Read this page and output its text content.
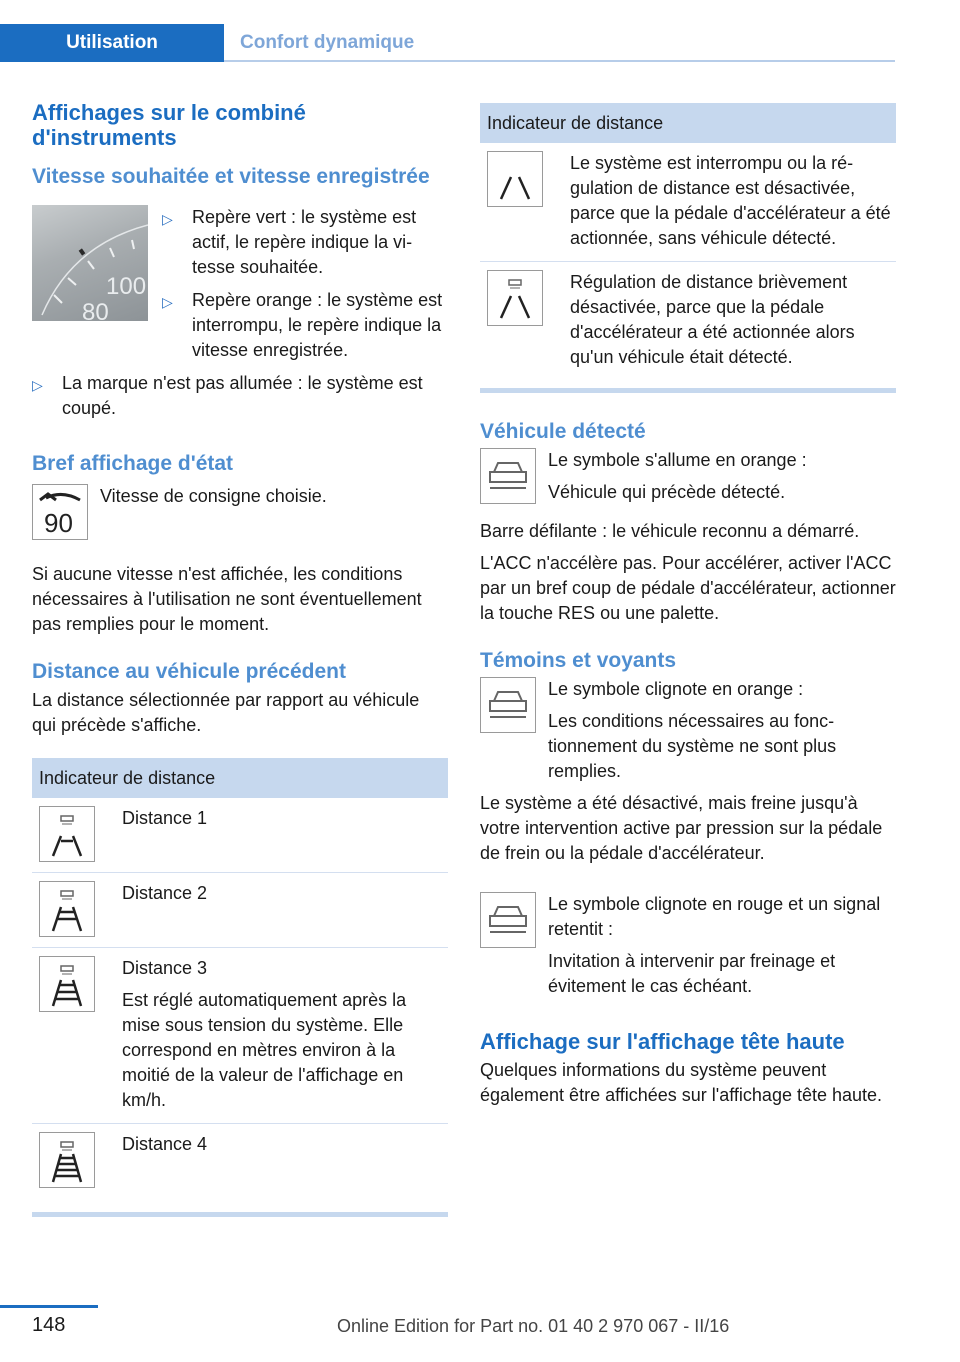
Utilisation	Confort dynamique
Affichages sur le combiné d'instruments
Vitesse souhaitée et vitesse enregistrée
100
80
▷	Repère vert : le système est actif, le repère indique la vitesse souhaitée.
▷	Repère orange : le système est interrompu, le repère indique la vitesse enregistrée.
▷	La marque n'est pas allumée : le système est coupé.
Bref affichage d'état
90

Vitesse de consigne choisie.

Si aucune vitesse n'est affichée, les conditions nécessaires à l'utilisation ne sont éventuellement pas remplies pour le moment.

Distance au véhicule précédent

La distance sélectionnée par rapport au véhicule qui précède s'affiche.

Indicateur de distance

Distance 1

Distance 2

Distance 3

Est réglé automatiquement après la mise sous tension du système. Elle correspond en mètres environ à la moitié de la valeur de l'affichage en km/h.

Distance 4

Indicateur de distance

Le système est interrompu ou la régulation de distance est désactivée, parce que la pédale d'accélérateur a été actionnée, sans véhicule détecté.

Régulation de distance brièvement désactivée, parce que la pédale d'accélérateur a été actionnée alors qu'un véhicule était détecté.

Véhicule détecté

Le symbole s'allume en orange :

Véhicule qui précède détecté.

Barre défilante : le véhicule reconnu a démarré.

L'ACC n'accélère pas. Pour accélérer, activer l'ACC par un bref coup de pédale d'accélérateur, actionner la touche RES ou une palette.

Témoins et voyants

Le symbole clignote en orange :

Les conditions nécessaires au fonctionnement du système ne sont plus remplies.

Le système a été désactivé, mais freine jusqu'à votre intervention active par pression sur la pédale de frein ou la pédale d'accélérateur.

Le symbole clignote en rouge et un signal retentit :

Invitation à intervenir par freinage et évitement le cas échéant.

Affichage sur l'affichage tête haute

Quelques informations du système peuvent également être affichées sur l'affichage tête haute.

148	Online Edition for Part no. 01 40 2 970 067 - II/16
